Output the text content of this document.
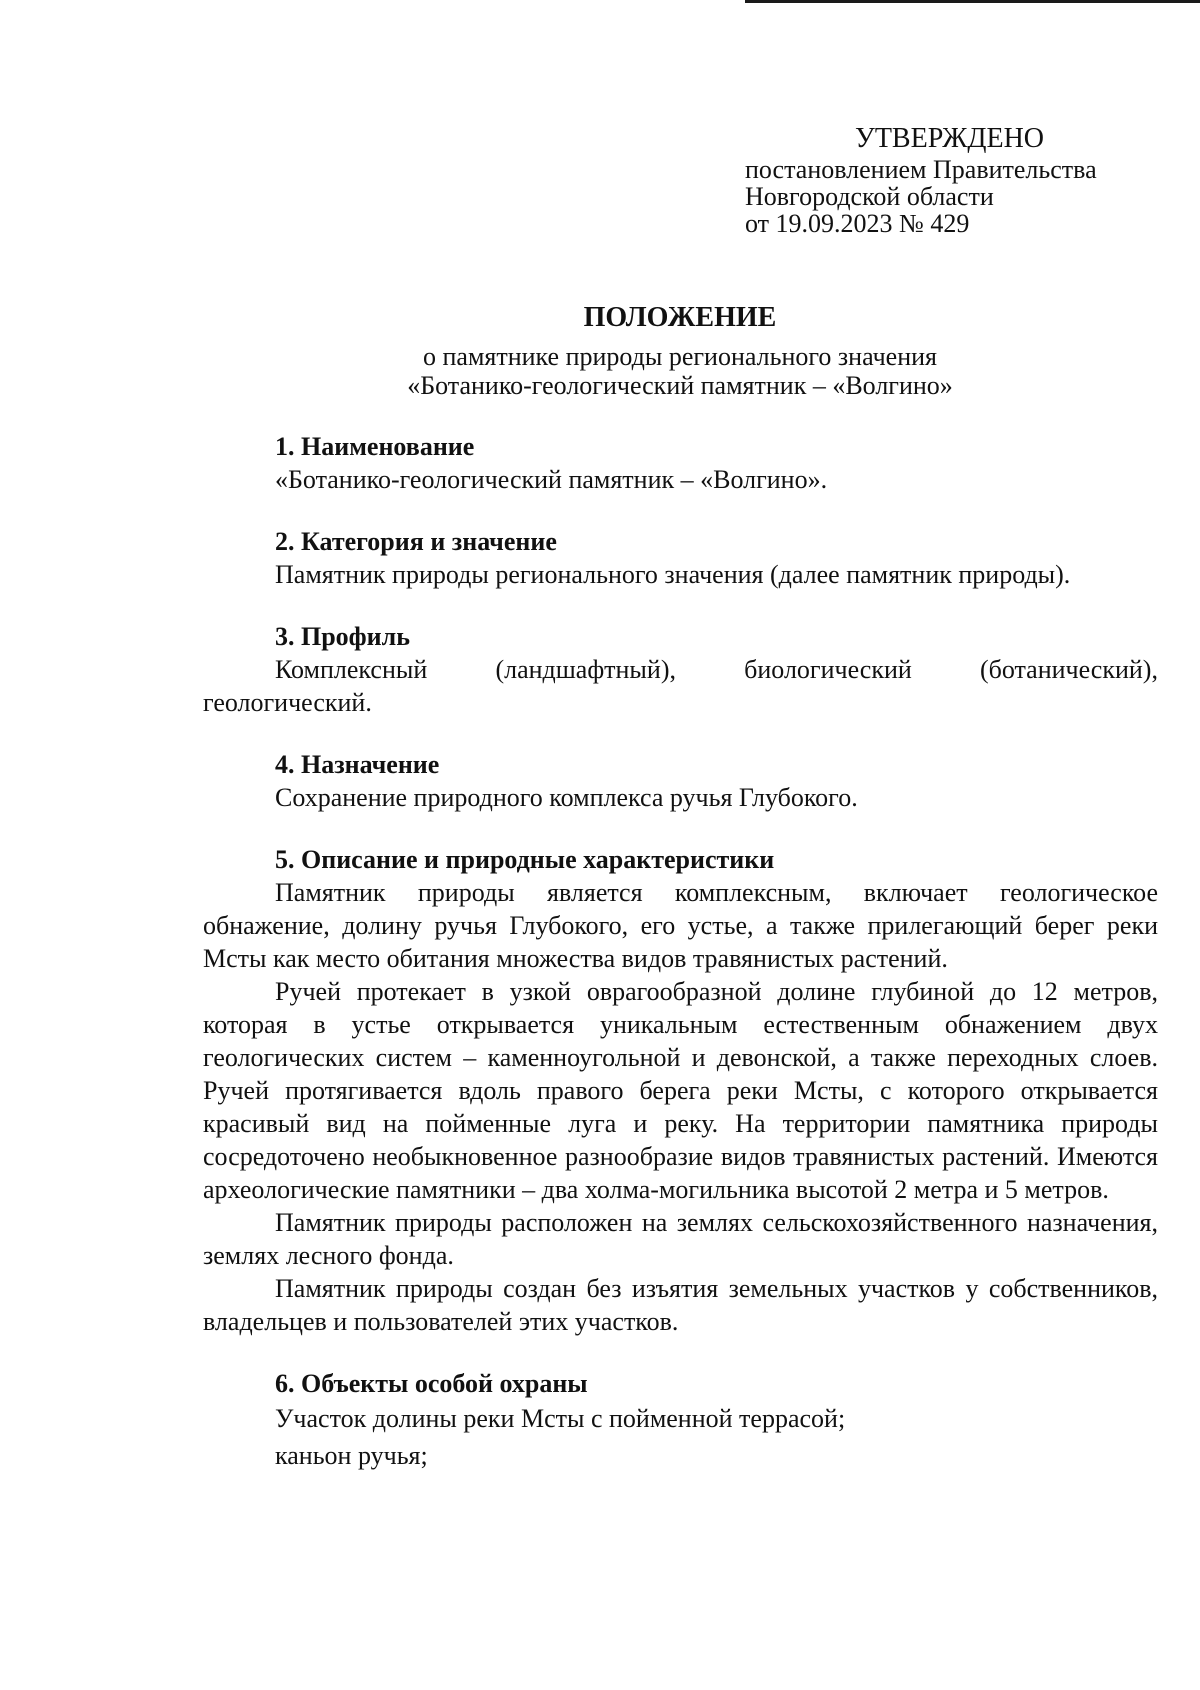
УТВЕРЖДЕНО
постановлением Правительства
Новгородской области
от 19.09.2023 № 429
ПОЛОЖЕНИЕ
о памятнике природы регионального значения
«Ботанико-геологический памятник – «Волгино»
1. Наименование
«Ботанико-геологический памятник – «Волгино».
2. Категория и значение
Памятник природы регионального значения (далее памятник природы).
3. Профиль
Комплексный	(ландшафтный),	биологический	(ботанический),
геологический.
4. Назначение
Сохранение природного комплекса ручья Глубокого.
5. Описание и природные характеристики

Памятник природы является комплексным, включает геологическое обнажение, долину ручья Глубокого, его устье, а также прилегающий берег реки Мсты как место обитания множества видов травянистых растений.

Ручей протекает в узкой оврагообразной долине глубиной до 12 метров, которая в устье открывается уникальным естественным обнажением двух геологических систем – каменноугольной и девонской, а также переходных слоев. Ручей протягивается вдоль правого берега реки Мсты, с которого открывается красивый вид на пойменные луга и реку. На территории памятника природы сосредоточено необыкновенное разнообразие видов травянистых растений. Имеются археологические памятники – два холма-могильника высотой 2 метра и 5 метров.

Памятник природы расположен на землях сельскохозяйственного назначения, землях лесного фонда.

Памятник природы создан без изъятия земельных участков у собственников, владельцев и пользователей этих участков.

6. Объекты особой охраны
Участок долины реки Мсты с пойменной террасой;
каньон ручья;
